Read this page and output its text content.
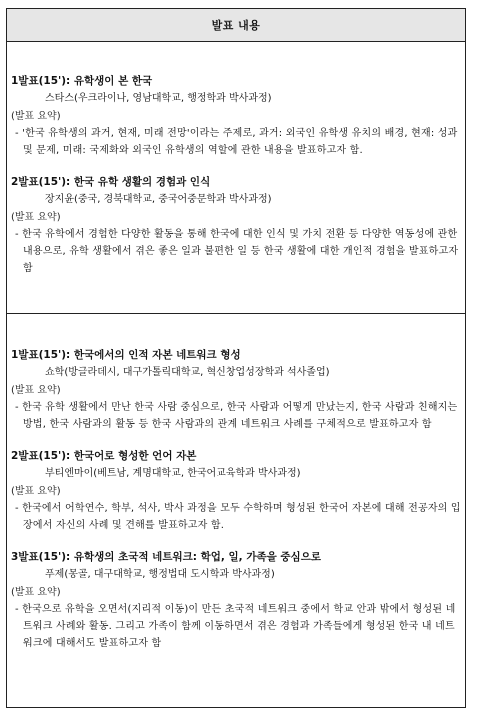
발표 내용
1발표(15'): 유학생이 본 한국
스타스(우크라이나, 영남대학교, 행정학과 박사과정)
(발표 요약)
- '한국 유학생의 과거, 현재, 미래 전망'이라는 주제로, 과거: 외국인 유학생 유치의 배경, 현재: 성과 및 문제, 미래: 국제화와 외국인 유학생의 역할에 관한 내용을 발표하고자 함.
2발표(15'): 한국 유학 생활의 경험과 인식
장지윤(중국, 경북대학교, 중국어중문학과 박사과정)
(발표 요약)
- 한국 유학에서 경험한 다양한 활동을 통해 한국에 대한 인식 및 가치 전환 등 다양한 역동성에 관한 내용으로, 유학 생활에서 겪은 좋은 일과 불편한 일 등 한국 생활에 대한 개인적 경험을 발표하고자 함
1발표(15'): 한국에서의 인적 자본 네트워크 형성
쇼학(방글라데시, 대구가톨릭대학교, 혁신창업성장학과 석사졸업)
(발표 요약)
- 한국 유학 생활에서 만난 한국 사람 중심으로, 한국 사람과 어떻게 만났는지, 한국 사람과 친해지는 방법, 한국 사람과의 활동 등 한국 사람과의 관계 네트워크 사례를 구체적으로 발표하고자 함
2발표(15'): 한국어로 형성한 언어 자본
부티엔마이(베트남, 계명대학교, 한국어교육학과 박사과정)
(발표 요약)
- 한국에서 어학연수, 학부, 석사, 박사 과정을 모두 수학하며 형성된 한국어 자본에 대해 전공자의 입장에서 자신의 사례 및 견해를 발표하고자 함.
3발표(15'): 유학생의 초국적 네트워크: 학업, 일, 가족을 중심으로
푸제(몽골, 대구대학교, 행정법대 도시학과 박사과정)
(발표 요약)
- 한국으로 유학을 오면서(지리적 이동)이 만든 초국적 네트워크 중에서 학교 안과 밖에서 형성된 네트워크 사례와 활동. 그리고 가족이 함께 이동하면서 겪은 경험과 가족들에게 형성된 한국 내 네트워크에 대해서도 발표하고자 함
